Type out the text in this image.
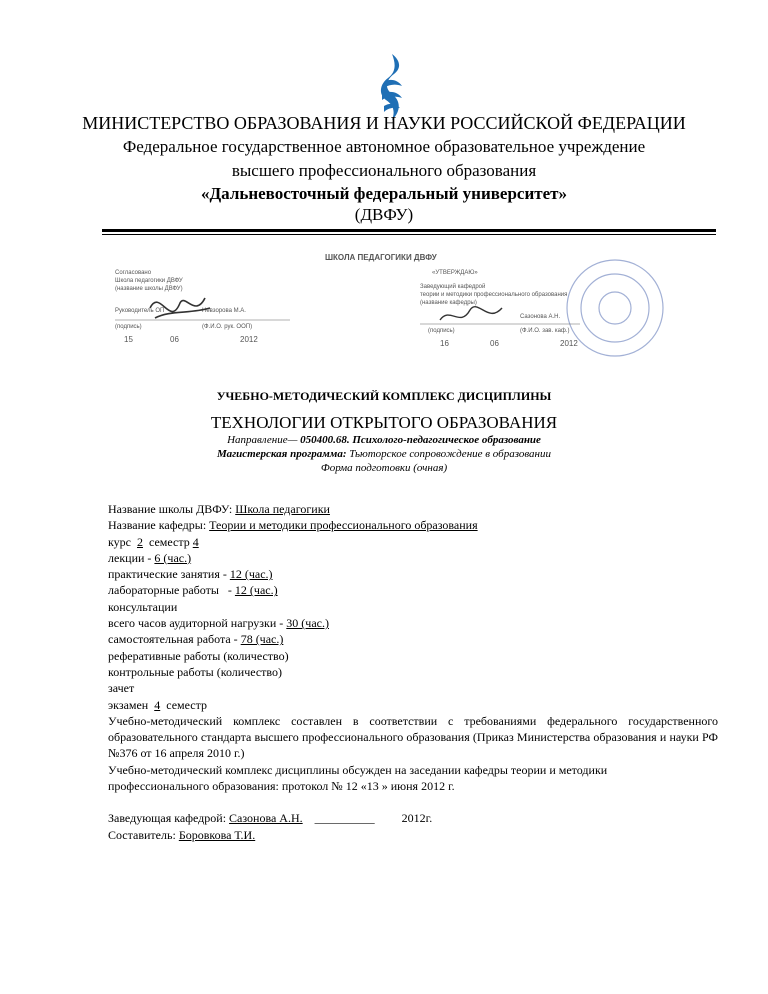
МИНИСТЕРСТВО ОБРАЗОВАНИЯ И НАУКИ РОССИЙСКОЙ ФЕДЕРАЦИИ
Федеральное государственное автономное образовательное учреждение
высшего профессионального образования
«Дальневосточный федеральный университет»
(ДВФУ)
ШКОЛА ПЕДАГОГИКИ ДВФУ
Согласовано
Школа педагогики ДВФУ
(название школы ДВФУ)
Руководитель ОП	Невзорова М.А.
(подпись)	(Ф.И.О. рук. ООП)
15	06	2012
«УТВЕРЖДАЮ»
Заведующий кафедрой
теории и методики профессионального образования
(название кафедры)
Сазонова А.Н.
(подпись)	(Ф.И.О. зав. каф.)
16	06	2012
УЧЕБНО-МЕТОДИЧЕСКИЙ КОМПЛЕКС ДИСЦИПЛИНЫ
ТЕХНОЛОГИИ ОТКРЫТОГО ОБРАЗОВАНИЯ
Направление— 050400.68. Психолого-педагогическое образование
Магистерская программа: Тьюторское сопровождение в образовании
Форма подготовки (очная)
Название школы ДВФУ: Школа педагогики
Название кафедры: Теории и методики профессионального образования
курс 2 семестр 4
лекции - 6 (час.)
практические занятия - 12 (час.)
лабораторные работы   - 12 (час.)
консультации
всего часов аудиторной нагрузки - 30 (час.)
самостоятельная работа - 78 (час.)
реферативные работы (количество)
контрольные работы (количество)
зачет
экзамен 4 семестр
Учебно-методический комплекс составлен в соответствии с требованиями федерального государственного образовательного стандарта высшего профессионального образования (Приказ Министерства образования и науки РФ №376 от 16 апреля 2010 г.)
Учебно-методический комплекс дисциплины обсужден на заседании кафедры теории и методики
профессионального образования: протокол № 12 «13 » июня 2012 г.
Заведующая кафедрой: Сазонова А.Н. __________ 2012г.
Составитель: Боровкова Т.И.
